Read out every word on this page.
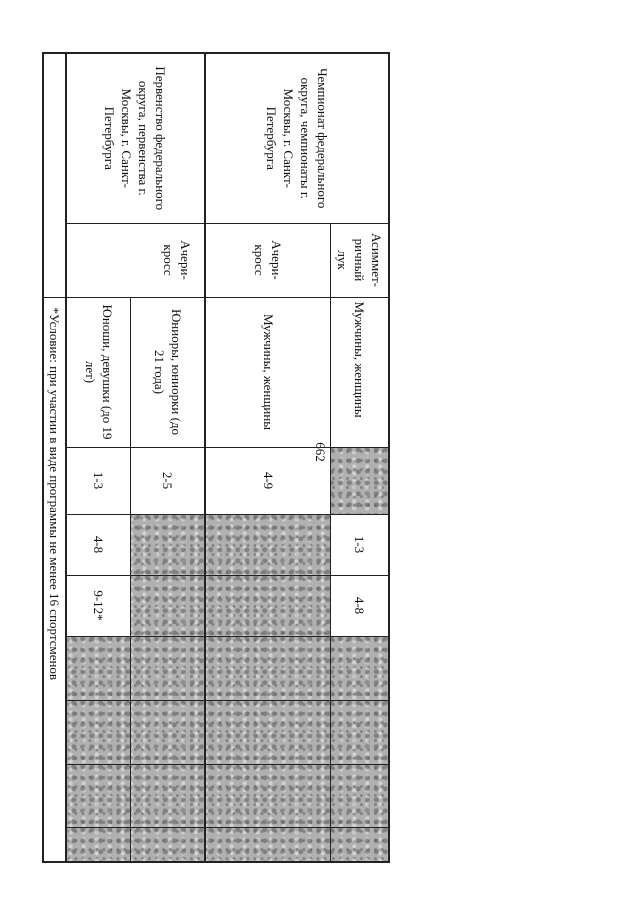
662
Чемпионат федерального округа, чемпионаты г. Москвы, г. Санкт-Петербурга	Асиммет-ричный лук	Мужчины, женщины		1-3	4-8				
	Ачери-кросс	Мужчины, женщины	4-9						
Первенство федерального округа, первенства г. Москвы, г. Санкт-Петербурга	Ачери-кросс	Юниоры, юниорки (до 21 года)	2-5						
		Юноши, девушки (до 19 лет)	1-3	4-8	9-12*				
		*Условие: при участии в виде программы не менее 16 спортсменов							
